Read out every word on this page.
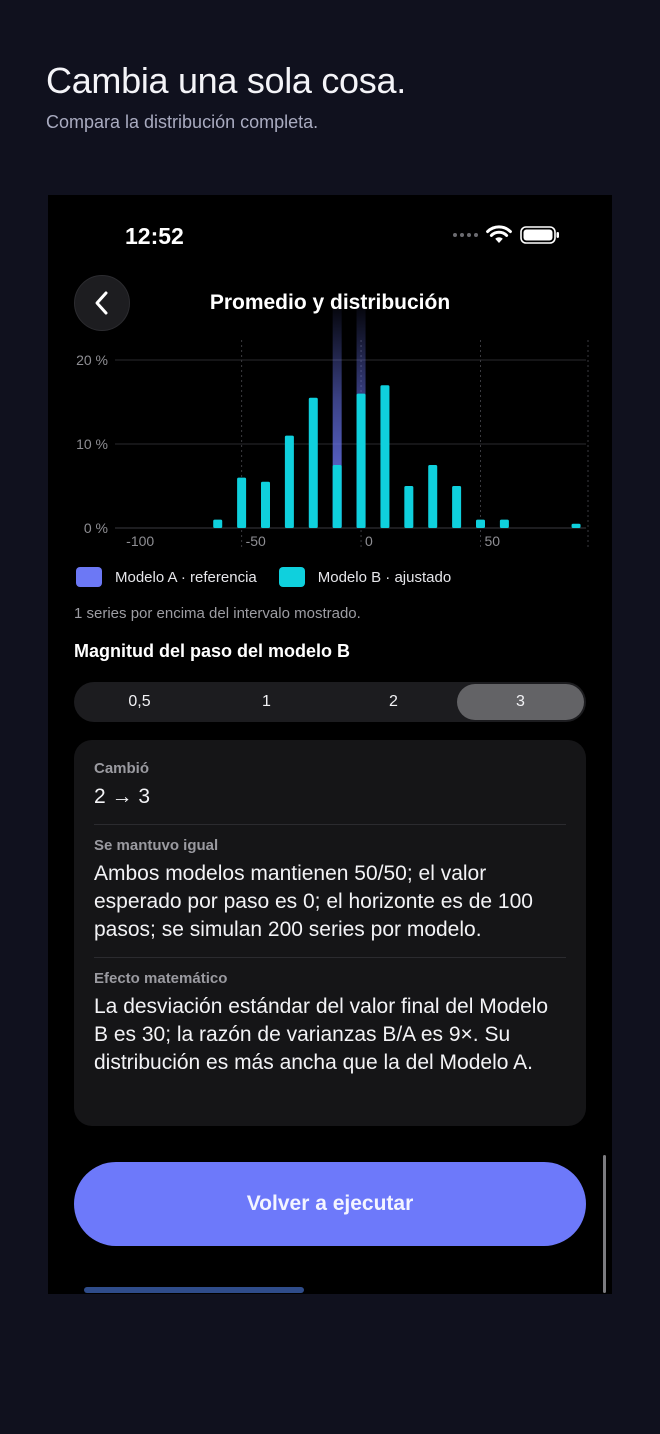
Cambia una sola cosa.
Compara la distribución completa.
12:52
0 %
10 %
20 %
-100	-50	0	50
Promedio y distribución
Modelo A · referencia	Modelo B · ajustado
1 series por encima del intervalo mostrado.
Magnitud del paso del modelo B
0,5	1	2	3
Cambió
2 → 3
Se mantuvo igual
Ambos modelos mantienen 50/50; el valor esperado por paso es 0; el horizonte es de 100 pasos; se simulan 200 series por modelo.
Efecto matemático
La desviación estándar del valor final del Modelo B es 30; la razón de varianzas B/A es 9×. Su distribución es más ancha que la del Modelo A.
Volver a ejecutar
